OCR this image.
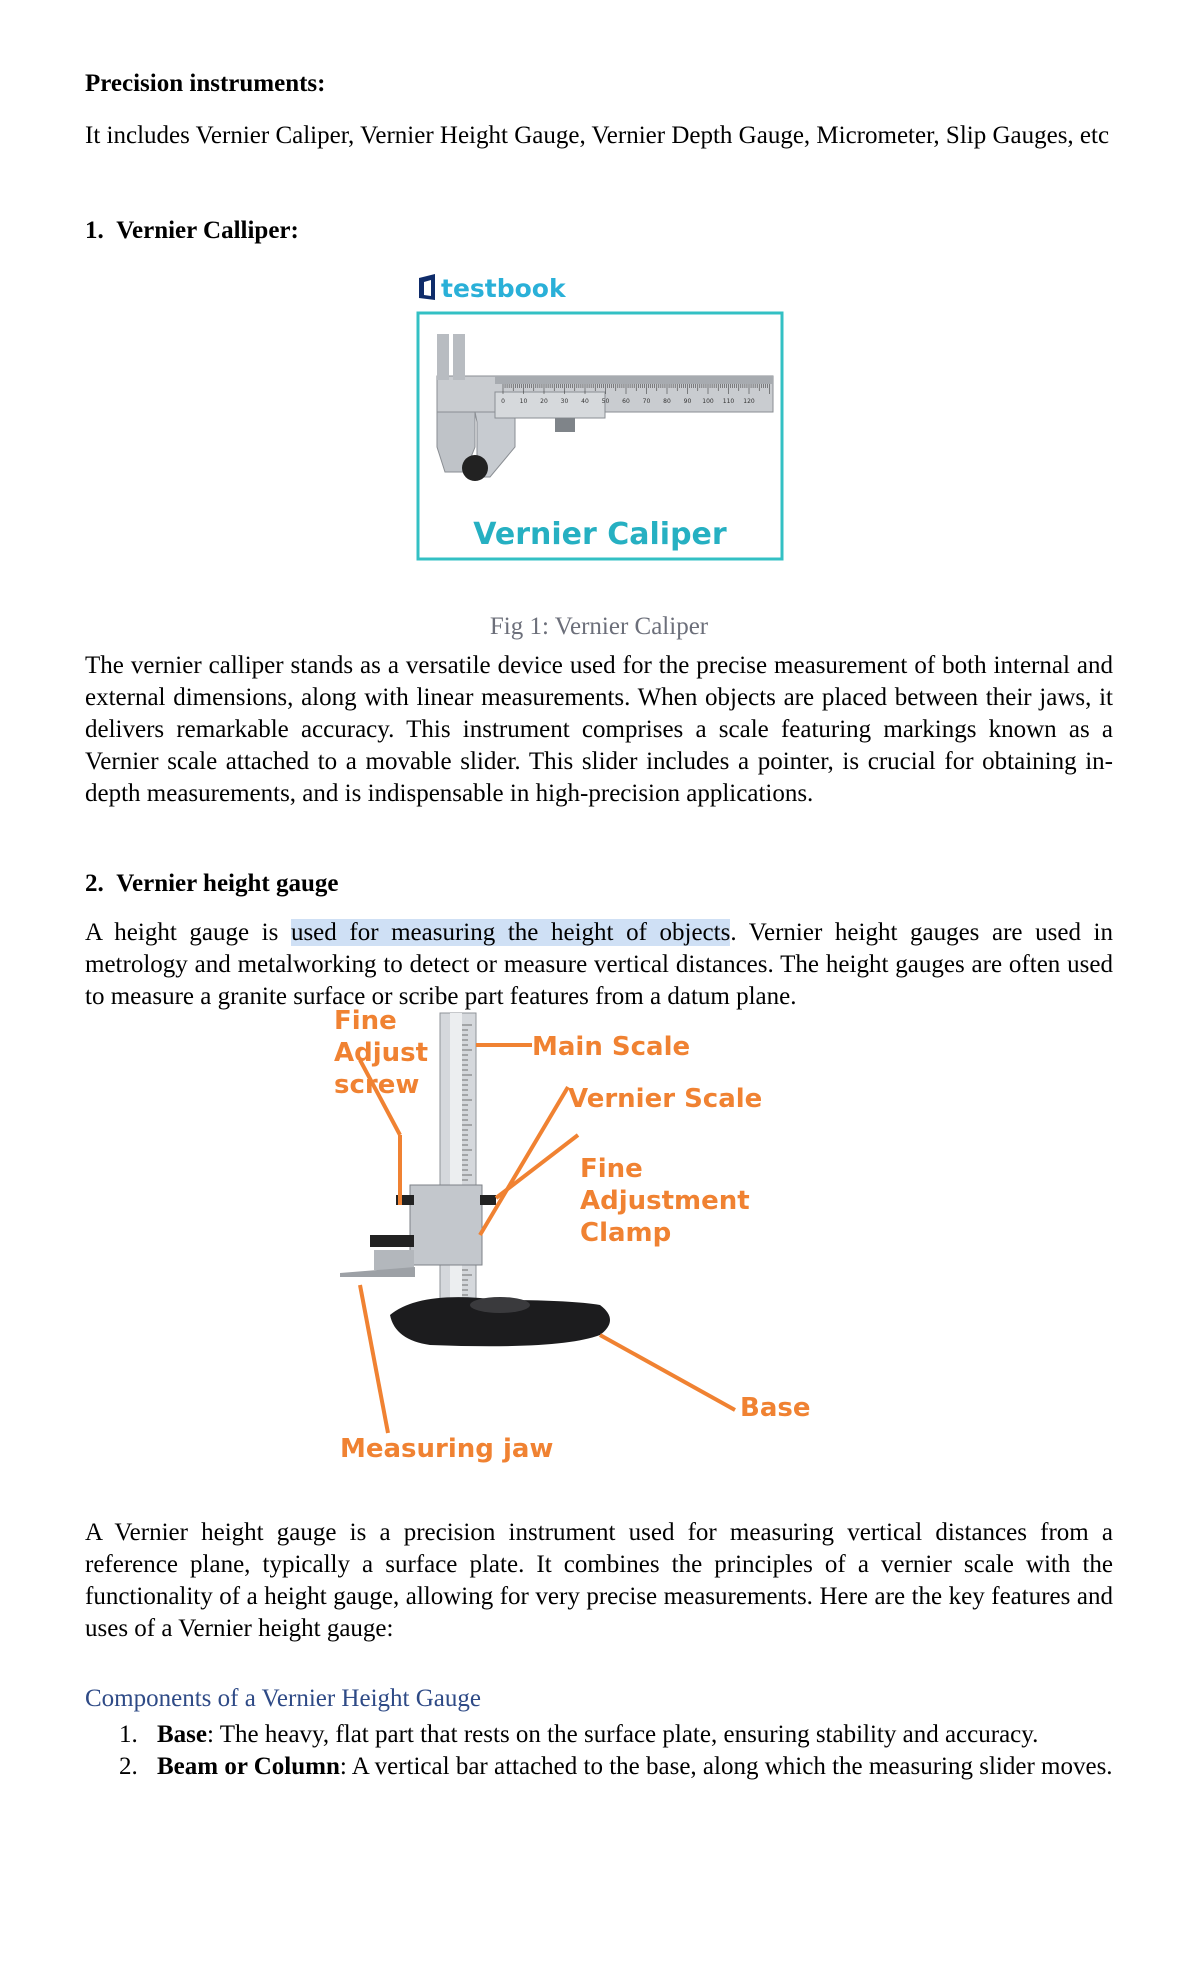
Precision instruments:

It includes Vernier Caliper, Vernier Height Gauge, Vernier Depth Gauge, Micrometer, Slip Gauges, etc

1. Vernier Calliper:

testbook
0 10 20 30 40 50 60 70 80 90 100 110 120
Vernier Caliper

Fig 1: Vernier Caliper

The vernier calliper stands as a versatile device used for the precise measurement of both internal and external dimensions, along with linear measurements. When objects are placed between their jaws, it delivers remarkable accuracy. This instrument comprises a scale featuring markings known as a Vernier scale attached to a movable slider. This slider includes a pointer, is crucial for obtaining in-depth measurements, and is indispensable in high-precision applications.

2. Vernier height gauge

A height gauge is used for measuring the height of objects. Vernier height gauges are used in metrology and metalworking to detect or measure vertical distances. The height gauges are often used to measure a granite surface or scribe part features from a datum plane.

Fine
Adjust
screw
Main Scale
Vernier Scale
Fine
Adjustment
Clamp
Base
Measuring jaw

A Vernier height gauge is a precision instrument used for measuring vertical distances from a reference plane, typically a surface plate. It combines the principles of a vernier scale with the functionality of a height gauge, allowing for very precise measurements. Here are the key features and uses of a Vernier height gauge:

Components of a Vernier Height Gauge

1. Base: The heavy, flat part that rests on the surface plate, ensuring stability and accuracy.
2. Beam or Column: A vertical bar attached to the base, along which the measuring slider moves.
